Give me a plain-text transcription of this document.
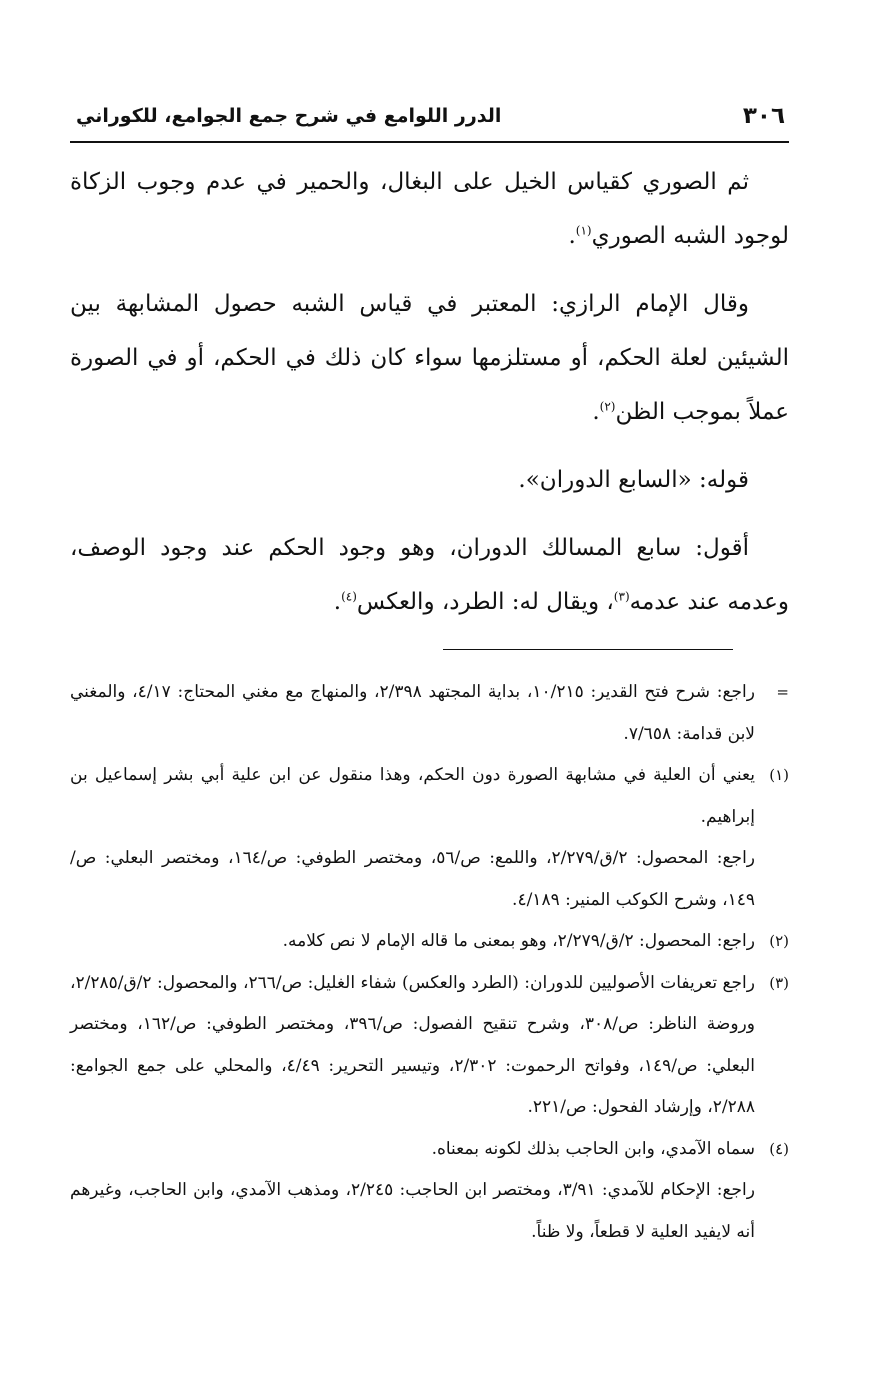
٣٠٦
الدرر اللوامع في شرح جمع الجوامع، للكوراني

ثم الصوري كقياس الخيل على البغال، والحمير في عدم وجوب الزكاة لوجود الشبه الصوري$^{(١)}$.

وقال الإمام الرازي: المعتبر في قياس الشبه حصول المشابهة بين الشيئين لعلة الحكم، أو مستلزمها سواء كان ذلك في الحكم، أو في الصورة عملاً بموجب الظن$^{(٢)}$.

قوله: «السابع الدوران».

أقول: سابع المسالك الدوران، وهو وجود الحكم عند وجود الوصف، وعدمه عند عدمه$^{(٣)}$، ويقال له: الطرد، والعكس$^{(٤)}$.

=
راجع: شرح فتح القدير: ١٠/٢١٥، بداية المجتهد ٢/٣٩٨، والمنهاج مع مغني المحتاج: ٤/١٧، والمغني لابن قدامة: ٧/٦٥٨.
(١)
يعني أن العلية في مشابهة الصورة دون الحكم، وهذا منقول عن ابن علية أبي بشر إسماعيل بن إبراهيم.
راجع: المحصول: ٢/ق/٢/٢٧٩، واللمع: ص/٥٦، ومختصر الطوفي: ص/١٦٤، ومختصر البعلي: ص/١٤٩، وشرح الكوكب المنير: ٤/١٨٩.
(٢)
راجع: المحصول: ٢/ق/٢/٢٧٩، وهو بمعنى ما قاله الإمام لا نص كلامه.
(٣)
راجع تعريفات الأصوليين للدوران: (الطرد والعكس) شفاء الغليل: ص/٢٦٦، والمحصول: ٢/ق/٢/٢٨٥، وروضة الناظر: ص/٣٠٨، وشرح تنقيح الفصول: ص/٣٩٦، ومختصر الطوفي: ص/١٦٢، ومختصر البعلي: ص/١٤٩، وفواتح الرحموت: ٢/٣٠٢، وتيسير التحرير: ٤/٤٩، والمحلي على جمع الجوامع: ٢/٢٨٨، وإرشاد الفحول: ص/٢٢١.
(٤)
سماه الآمدي، وابن الحاجب بذلك لكونه بمعناه.
راجع: الإحكام للآمدي: ٣/٩١، ومختصر ابن الحاجب: ٢/٢٤٥، ومذهب الآمدي، وابن الحاجب، وغيرهم أنه لايفيد العلية لا قطعاً، ولا ظناً.
